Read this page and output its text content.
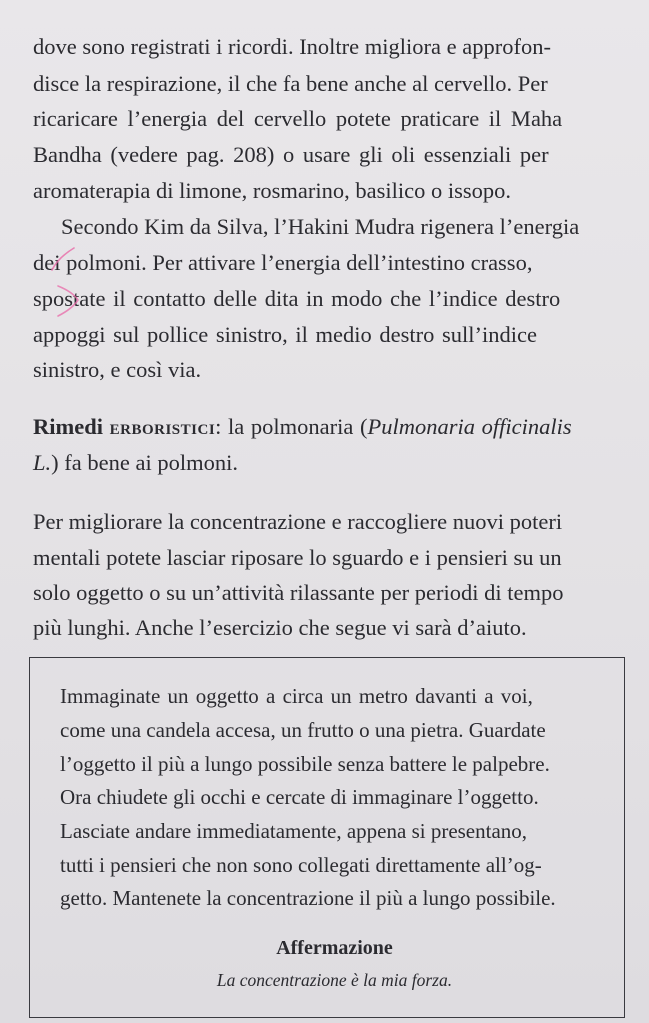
dove sono registrati i ricordi. Inoltre migliora e approfon-
disce la respirazione, il che fa bene anche al cervello. Per
ricaricare l’energia del cervello potete praticare il Maha
Bandha (vedere pag. 208) o usare gli oli essenziali per
aromaterapia di limone, rosmarino, basilico o issopo.
Secondo Kim da Silva, l’Hakini Mudra rigenera l’energia
dei polmoni. Per attivare l’energia dell’intestino crasso,
spostate il contatto delle dita in modo che l’indice destro
appoggi sul pollice sinistro, il medio destro sull’indice
sinistro, e così via.
Rimedi erboristici: la polmonaria (Pulmonaria officinalis
L.) fa bene ai polmoni.
Per migliorare la concentrazione e raccogliere nuovi poteri
mentali potete lasciar riposare lo sguardo e i pensieri su un
solo oggetto o su un’attività rilassante per periodi di tempo
più lunghi. Anche l’esercizio che segue vi sarà d’aiuto.
Immaginate un oggetto a circa un metro davanti a voi,
come una candela accesa, un frutto o una pietra. Guardate
l’oggetto il più a lungo possibile senza battere le palpebre.
Ora chiudete gli occhi e cercate di immaginare l’oggetto.
Lasciate andare immediatamente, appena si presentano,
tutti i pensieri che non sono collegati direttamente all’og-
getto. Mantenete la concentrazione il più a lungo possibile.
Affermazione
La concentrazione è la mia forza.
